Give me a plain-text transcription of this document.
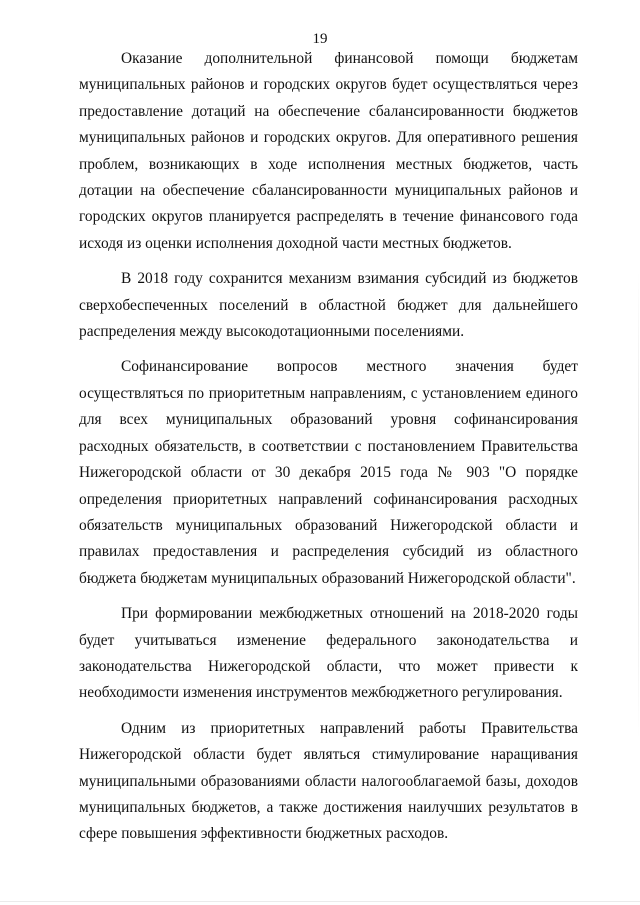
19

Оказание дополнительной финансовой помощи бюджетам муниципальных районов и городских округов будет осуществляться через предоставление дотаций на обеспечение сбалансированности бюджетов муниципальных районов и городских округов. Для оперативного решения проблем, возникающих в ходе исполнения местных бюджетов, часть дотации на обеспечение сбалансированности муниципальных районов и городских округов планируется распределять в течение финансового года исходя из оценки исполнения доходной части местных бюджетов.

В 2018 году сохранится механизм взимания субсидий из бюджетов сверхобеспеченных поселений в областной бюджет для дальнейшего распределения между высокодотационными поселениями.

Софинансирование вопросов местного значения будет осуществляться по приоритетным направлениям, с установлением единого для всех муниципальных образований уровня софинансирования расходных обязательств, в соответствии с постановлением Правительства Нижегородской области от 30 декабря 2015 года № 903 "О порядке определения приоритетных направлений софинансирования расходных обязательств муниципальных образований Нижегородской области и правилах предоставления и распределения субсидий из областного бюджета бюджетам муниципальных образований Нижегородской области".

При формировании межбюджетных отношений на 2018-2020 годы будет учитываться изменение федерального законодательства и законодательства Нижегородской области, что может привести к необходимости изменения инструментов межбюджетного регулирования.

Одним из приоритетных направлений работы Правительства Нижегородской области будет являться стимулирование наращивания муниципальными образованиями области налогооблагаемой базы, доходов муниципальных бюджетов, а также достижения наилучших результатов в сфере повышения эффективности бюджетных расходов.
